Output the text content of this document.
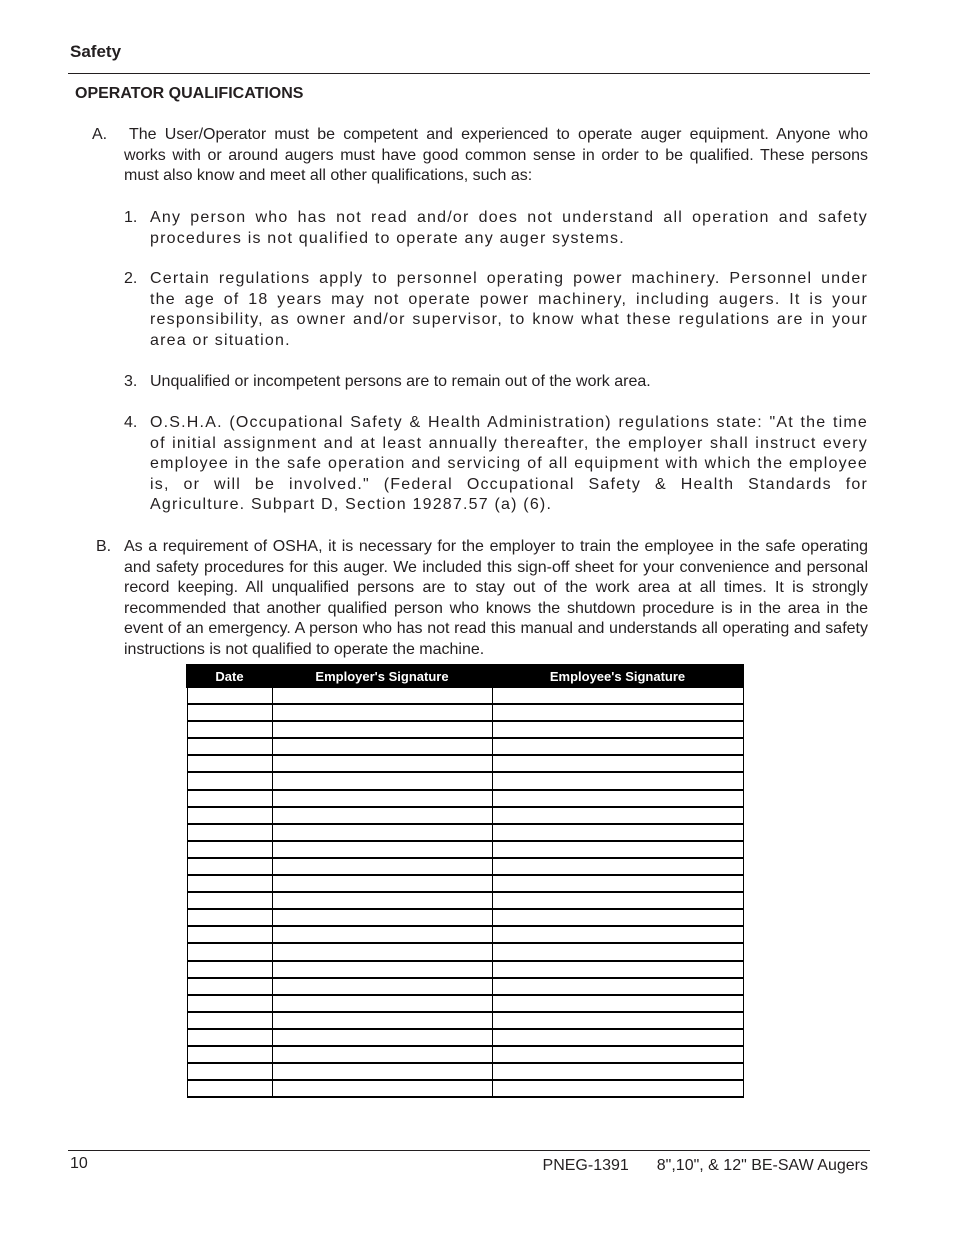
Safety
OPERATOR QUALIFICATIONS
A.	The User/Operator must be competent and experienced to operate auger equipment. Anyone who works with or around augers must have good common sense in order to be qualified. These persons must also know and meet all other qualifications, such as:

1. Any person who has not read and/or does not understand all operation and safety procedures is not qualified to operate any auger systems.

2. Certain regulations apply to personnel operating power machinery. Personnel under the age of 18 years may not operate power machinery, including augers. It is your responsibility, as owner and/or supervisor, to know what these regulations are in your area or situation.

3. Unqualified or incompetent persons are to remain out of the work area.

4. O.S.H.A. (Occupational Safety & Health Administration) regulations state: "At the time of initial assignment and at least annually thereafter, the employer shall instruct every employee in the safe operation and servicing of all equipment with which the employee is, or will be involved." (Federal Occupational Safety & Health Standards for Agriculture. Subpart D, Section 19287.57 (a) (6).

B. As a requirement of OSHA, it is necessary for the employer to train the employee in the safe operating and safety procedures for this auger. We included this sign-off sheet for your convenience and personal record keeping. All unqualified persons are to stay out of the work area at all times. It is strongly recommended that another qualified person who knows the shutdown procedure is in the area in the event of an emergency. A person who has not read this manual and understands all operating and safety instructions is not qualified to operate the machine.

Date	Employer's Signature	Employee's Signature

10	PNEG-1391 8",10", & 12" BE-SAW Augers
